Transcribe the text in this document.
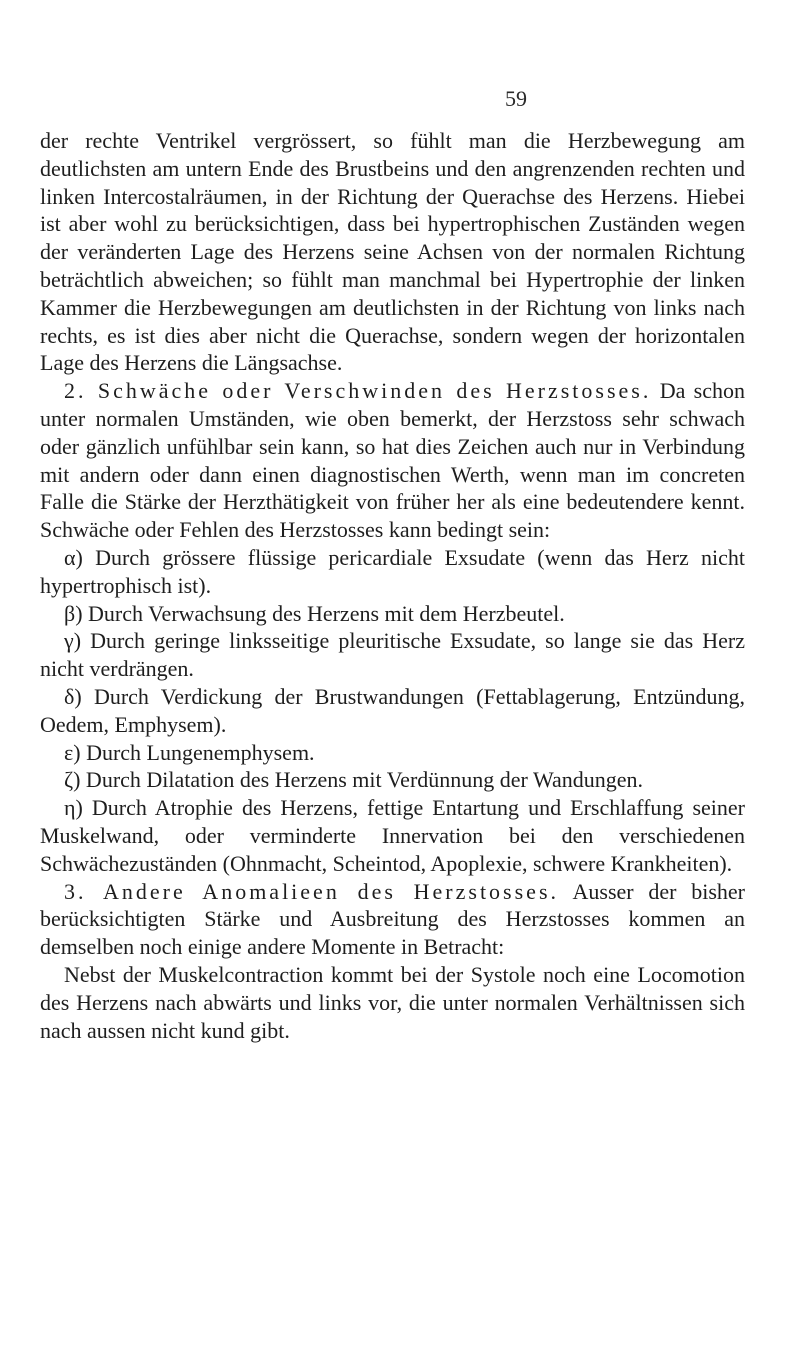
59

der rechte Ventrikel vergrössert, so fühlt man die Herzbewegung am deutlichsten am untern Ende des Brustbeins und den angrenzenden rechten und linken Intercostalräumen, in der Richtung der Querachse des Herzens. Hiebei ist aber wohl zu berücksichtigen, dass bei hypertrophischen Zuständen wegen der veränderten Lage des Herzens seine Achsen von der normalen Richtung beträchtlich abweichen; so fühlt man manchmal bei Hypertrophie der linken Kammer die Herzbewegungen am deutlichsten in der Richtung von links nach rechts, es ist dies aber nicht die Querachse, sondern wegen der horizontalen Lage des Herzens die Längsachse.

2. Schwäche oder Verschwinden des Herzstosses. Da schon unter normalen Umständen, wie oben bemerkt, der Herzstoss sehr schwach oder gänzlich unfühlbar sein kann, so hat dies Zeichen auch nur in Verbindung mit andern oder dann einen diagnostischen Werth, wenn man im concreten Falle die Stärke der Herzthätigkeit von früher her als eine bedeutendere kennt. Schwäche oder Fehlen des Herzstosses kann bedingt sein:

α) Durch grössere flüssige pericardiale Exsudate (wenn das Herz nicht hypertrophisch ist).

β) Durch Verwachsung des Herzens mit dem Herzbeutel.

γ) Durch geringe linksseitige pleuritische Exsudate, so lange sie das Herz nicht verdrängen.

δ) Durch Verdickung der Brustwandungen (Fettablagerung, Entzündung, Oedem, Emphysem).

ε) Durch Lungenemphysem.

ζ) Durch Dilatation des Herzens mit Verdünnung der Wandungen.

η) Durch Atrophie des Herzens, fettige Entartung und Erschlaffung seiner Muskelwand, oder verminderte Innervation bei den verschiedenen Schwächezuständen (Ohnmacht, Scheintod, Apoplexie, schwere Krankheiten).

3. Andere Anomalieen des Herzstosses. Ausser der bisher berücksichtigten Stärke und Ausbreitung des Herzstosses kommen an demselben noch einige andere Momente in Betracht:

Nebst der Muskelcontraction kommt bei der Systole noch eine Locomotion des Herzens nach abwärts und links vor, die unter normalen Verhältnissen sich nach aussen nicht kund gibt.
